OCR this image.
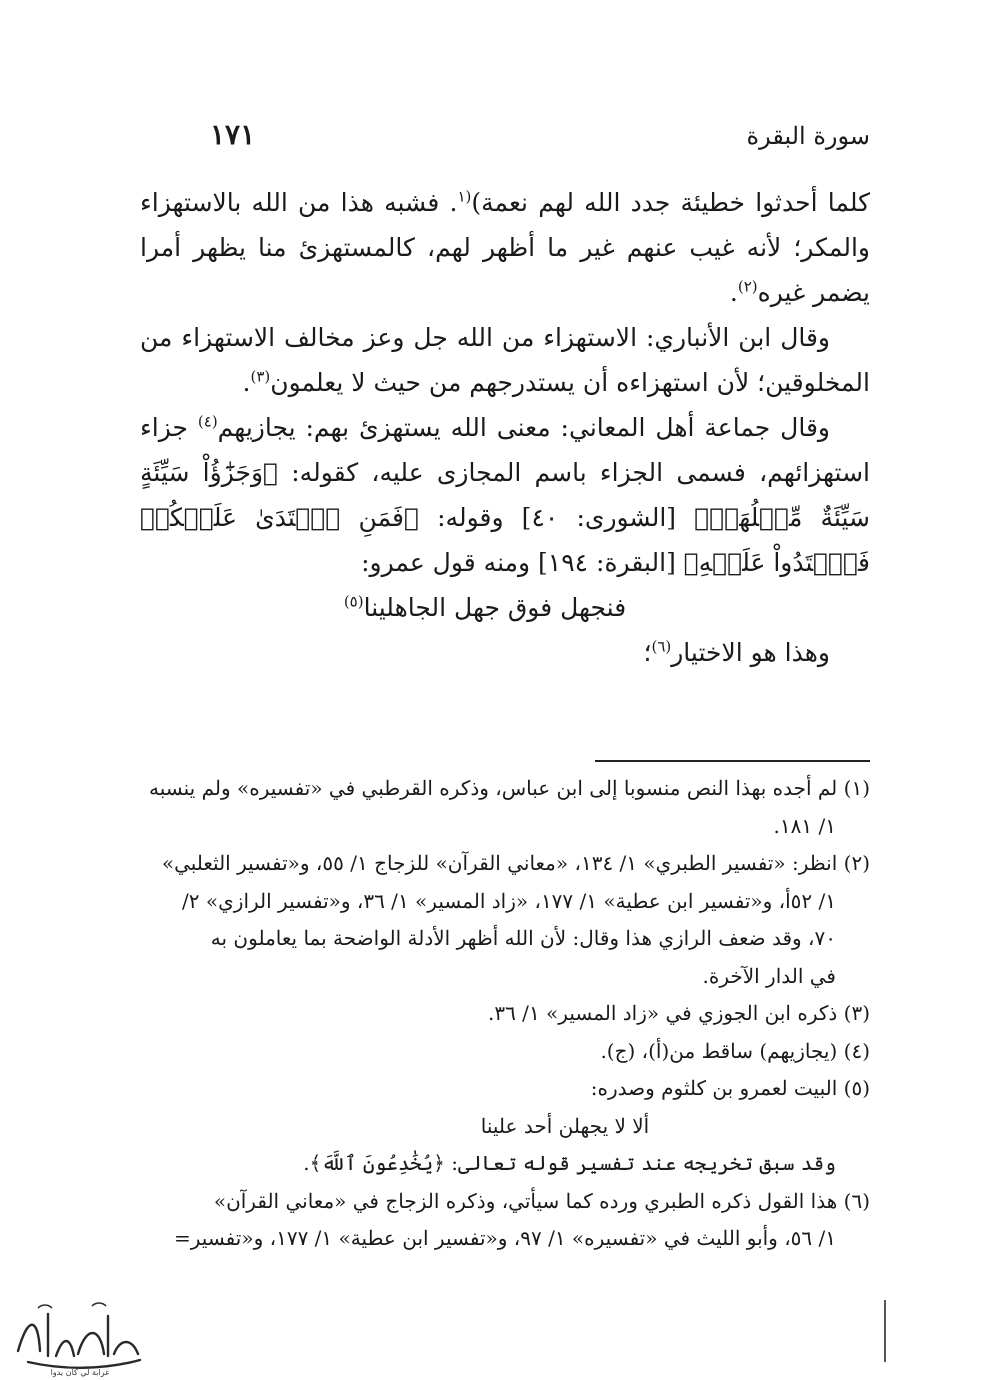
١٧١	سورة البقرة

كلما أحدثوا خطيئة جدد الله لهم نعمة)$^{(١}$. فشبه هذا من الله بالاستهزاء والمكر؛ لأنه غيب عنهم غير ما أظهر لهم، كالمستهزئ منا يظهر أمرا يضمر غيره$^{(٢)}$.

وقال ابن الأنباري: الاستهزاء من الله جل وعز مخالف الاستهزاء من المخلوقين؛ لأن استهزاءه أن يستدرجهم من حيث لا يعلمون$^{(٣)}$.

وقال جماعة أهل المعاني: معنى الله يستهزئ بهم: يجازيهم$^{(٤)}$ جزاء استهزائهم، فسمى الجزاء باسم المجازى عليه، كقوله: ﴿وَجَزَٰٓؤُاْ سَيِّئَةٍ سَيِّئَةٌ مِّثۡلُهَاۖ﴾ [الشورى: ٤٠] وقوله: ﴿فَمَنِ ٱعۡتَدَىٰ عَلَيۡكُمۡ فَٱعۡتَدُواْ عَلَيۡهِ﴾ [البقرة: ١٩٤] ومنه قول عمرو:

فنجهل فوق جهل الجاهلينا$^{(٥)}$

وهذا هو الاختيار$^{(٦)}$؛

(١) لم أجده بهذا النص منسوبا إلى ابن عباس، وذكره القرطبي في «تفسيره» ولم ينسبه

١/ ١٨١.

(٢) انظر: «تفسير الطبري» ١/ ١٣٤، «معاني القرآن» للزجاج ١/ ٥٥، و«تفسير الثعلبي»

١/ ٥٢أ، و«تفسير ابن عطية» ١/ ١٧٧، «زاد المسير» ١/ ٣٦، و«تفسير الرازي» ٢/

٧٠، وقد ضعف الرازي هذا وقال: لأن الله أظهر الأدلة الواضحة بما يعاملون به

في الدار الآخرة.

(٣) ذكره ابن الجوزي في «زاد المسير» ١/ ٣٦.

(٤) (يجازيهم) ساقط من(أ)، (ج).

(٥) البيت لعمرو بن كلثوم وصدره:

ألا لا يجهلن أحد علينا

وقد سبق تخريجه عند تفسير قوله تعالى: ﴿يُخَٰدِعُونَ ٱللَّهَ﴾.

(٦) هذا القول ذكره الطبري ورده كما سيأتي، وذكره الزجاج في «معاني القرآن»

١/ ٥٦، وأبو الليث في «تفسيره» ١/ ٩٧، و«تفسير ابن عطية» ١/ ١٧٧، و«تفسير=

غرابة لي كان يدوا
